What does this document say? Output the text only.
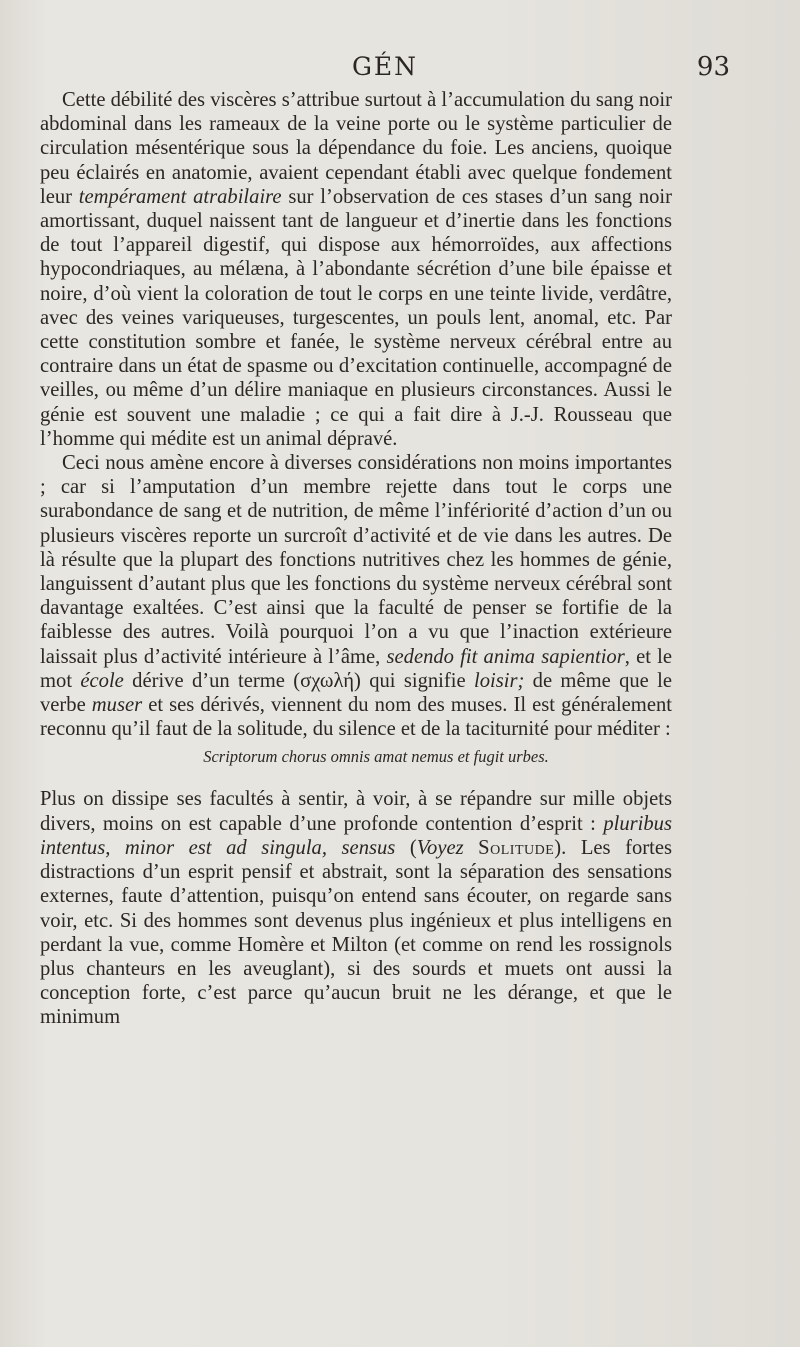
GÉN	93

Cette débilité des viscères s’attribue surtout à l’accumulation du sang noir abdominal dans les rameaux de la veine porte ou le système particulier de circulation mésentérique sous la dépendance du foie. Les anciens, quoique peu éclairés en anatomie, avaient cependant établi avec quelque fondement leur tempérament atrabilaire sur l’observation de ces stases d’un sang noir amortissant, duquel naissent tant de langueur et d’inertie dans les fonctions de tout l’appareil digestif, qui dispose aux hémorroïdes, aux affections hypocondriaques, au mélæna, à l’abondante sécrétion d’une bile épaisse et noire, d’où vient la coloration de tout le corps en une teinte livide, verdâtre, avec des veines variqueuses, turgescentes, un pouls lent, anomal, etc. Par cette constitution sombre et fanée, le système nerveux cérébral entre au contraire dans un état de spasme ou d’excitation continuelle, accompagné de veilles, ou même d’un délire maniaque en plusieurs circonstances. Aussi le génie est souvent une maladie ; ce qui a fait dire à J.-J. Rousseau que l’homme qui médite est un animal dépravé.

Ceci nous amène encore à diverses considérations non moins importantes ; car si l’amputation d’un membre rejette dans tout le corps une surabondance de sang et de nutrition, de même l’infériorité d’action d’un ou plusieurs viscères reporte un surcroît d’activité et de vie dans les autres. De là résulte que la plupart des fonctions nutritives chez les hommes de génie, languissent d’autant plus que les fonctions du système nerveux cérébral sont davantage exaltées. C’est ainsi que la faculté de penser se fortifie de la faiblesse des autres. Voilà pourquoi l’on a vu que l’inaction extérieure laissait plus d’activité intérieure à l’âme, sedendo fit anima sapientior, et le mot école dérive d’un terme (σχωλή) qui signifie loisir; de même que le verbe muser et ses dérivés, viennent du nom des muses. Il est généralement reconnu qu’il faut de la solitude, du silence et de la taciturnité pour méditer :

Scriptorum chorus omnis amat nemus et fugit urbes.

Plus on dissipe ses facultés à sentir, à voir, à se répandre sur mille objets divers, moins on est capable d’une profonde contention d’esprit : pluribus intentus, minor est ad singula, sensus (Voyez Solitude). Les fortes distractions d’un esprit pensif et abstrait, sont la séparation des sensations externes, faute d’attention, puisqu’on entend sans écouter, on regarde sans voir, etc. Si des hommes sont devenus plus ingénieux et plus intelligens en perdant la vue, comme Homère et Milton (et comme on rend les rossignols plus chanteurs en les aveuglant), si des sourds et muets ont aussi la conception forte, c’est parce qu’aucun bruit ne les dérange, et que le minimum
